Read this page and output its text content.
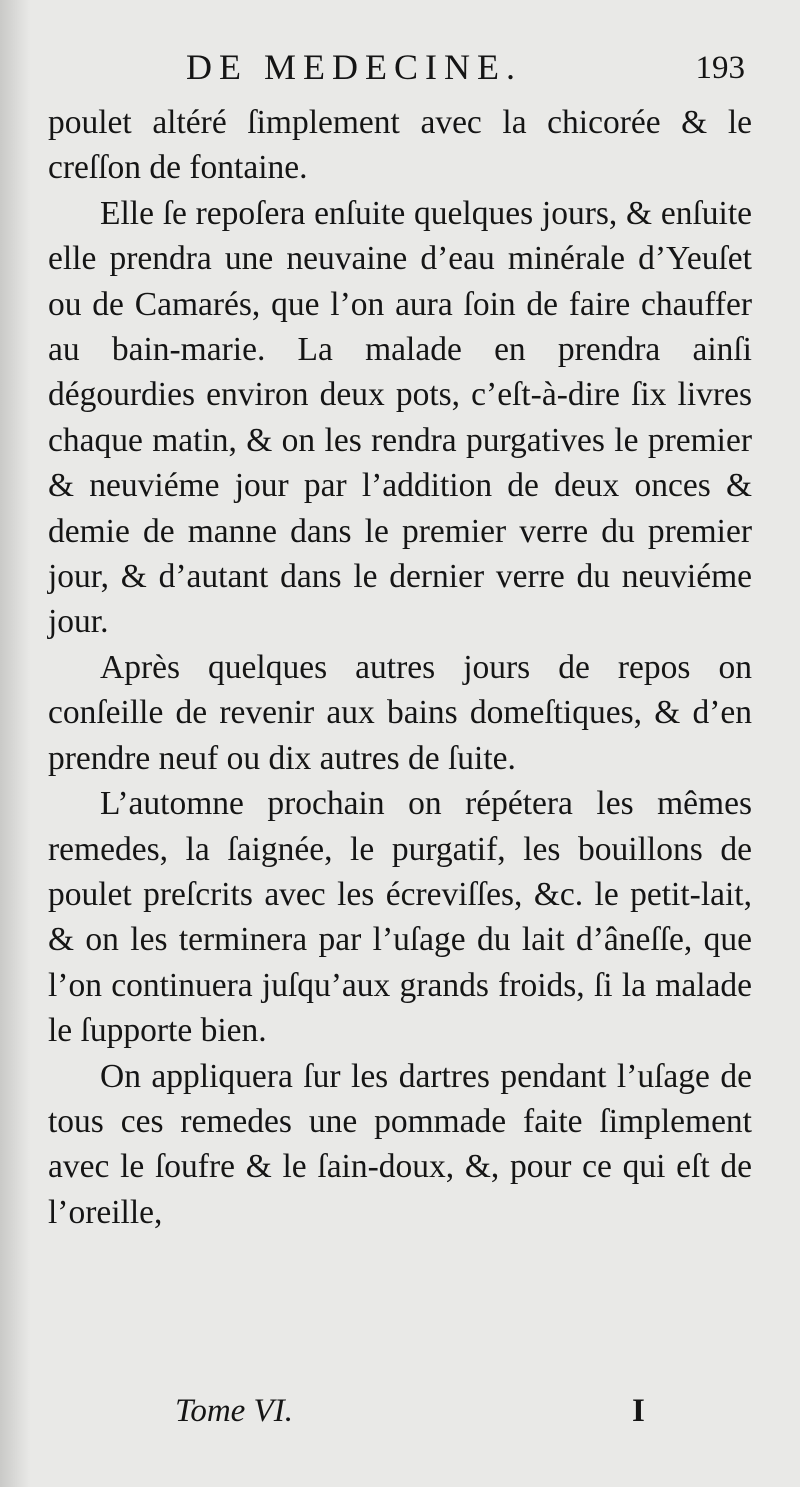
DE MEDECINE.	193

poulet altéré ſimplement avec la chicorée & le creſſon de fontaine.

Elle ſe repoſera enſuite quelques jours, & enſuite elle prendra une neuvaine d’eau minérale d’Yeuſet ou de Camarés, que l’on aura ſoin de faire chauffer au bain-marie. La malade en prendra ainſi dégourdies environ deux pots, c’eſt-à-dire ſix livres chaque matin, & on les rendra purgatives le premier & neuviéme jour par l’addition de deux onces & demie de manne dans le premier verre du premier jour, & d’autant dans le dernier verre du neuviéme jour.

Après quelques autres jours de repos on conſeille de revenir aux bains domeſtiques, & d’en prendre neuf ou dix autres de ſuite.

L’automne prochain on répétera les mêmes remedes, la ſaignée, le purgatif, les bouillons de poulet preſcrits avec les écreviſſes, &c. le petit-lait, & on les terminera par l’uſage du lait d’âneſſe, que l’on continuera juſqu’aux grands froids, ſi la malade le ſupporte bien.

On appliquera ſur les dartres pendant l’uſage de tous ces remedes une pommade faite ſimplement avec le ſoufre & le ſain-doux, &, pour ce qui eſt de l’oreille,

Tome VI.	I
